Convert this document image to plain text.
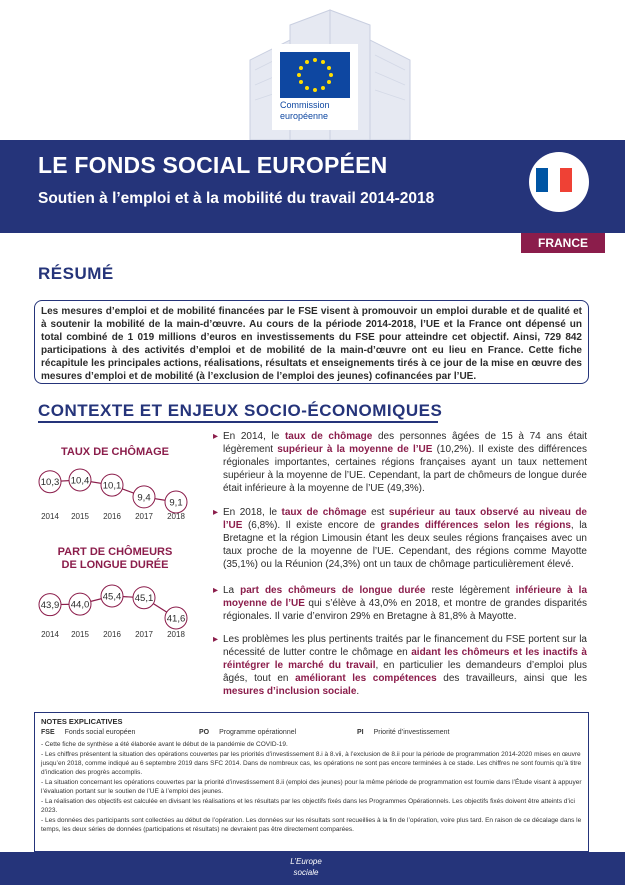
Commission
européenne
LE FONDS SOCIAL EUROPÉEN
Soutien à l’emploi et à la mobilité du travail 2014-2018
FRANCE
RÉSUMÉ
Les mesures d’emploi et de mobilité financées par le FSE visent à promouvoir un emploi durable et de qualité et à soutenir la mobilité de la main-d’œuvre. Au cours de la période 2014-2018, l’UE et la France ont dépensé un total combiné de 1 019 millions d’euros en investissements du FSE pour atteindre cet objectif. Ainsi, 729 842 participations à des activités d’emploi et de mobilité de la main-d’œuvre ont eu lieu en France. Cette fiche récapitule les principales actions, réalisations, résultats et enseignements tirés à ce jour de la mise en œuvre des mesures d’emploi et de mobilité (à l’exclusion de l’emploi des jeunes) cofinancées par l’UE.
CONTEXTE ET ENJEUX SOCIO-ÉCONOMIQUES
TAUX DE CHÔMAGE
10,3 10,4 10,1
9,4 9,1
2014	2015	2016	2017	2018
PART DE CHÔMEURS
DE LONGUE DURÉE
43,9 44,0
45,4 45,1
41,6
2014	2015	2016	2017	2018

▸ En 2014, le taux de chômage des personnes âgées de 15 à 74 ans était légèrement supérieur à la moyenne de l’UE (10,2%). Il existe des différences régionales importantes, certaines régions françaises ayant un taux nettement supérieur à la moyenne de l’UE. Cependant, la part de chômeurs de longue durée était inférieure à la moyenne de l’UE (49,3%).

▸ En 2018, le taux de chômage est supérieur au taux observé au niveau de l’UE (6,8%). Il existe encore de grandes différences selon les régions, la Bretagne et la région Limousin étant les deux seules régions françaises avec un taux proche de la moyenne de l’UE. Cependant, des régions comme Mayotte (35,1%) ou la Réunion (24,3%) ont un taux de chômage particulièrement élevé.

▸ La part des chômeurs de longue durée reste légèrement inférieure à la moyenne de l’UE qui s’élève à 43,0% en 2018, et montre de grandes disparités régionales. Il varie d’environ 29% en Bretagne à 81,8% à Mayotte.

▸ Les problèmes les plus pertinents traités par le financement du FSE portent sur la nécessité de lutter contre le chômage en aidant les chômeurs et les inactifs à réintégrer le marché du travail, en particulier les demandeurs d’emploi plus âgés, tout en améliorant les compétences des travailleurs, ainsi que les mesures d’inclusion sociale.

NOTES EXPLICATIVES
FSE Fonds social européen	PO Programme opérationnel	PI Priorité d’investissement
- Cette fiche de synthèse a été élaborée avant le début de la pandémie de COVID-19.
- Les chiffres présentent la situation des opérations couvertes par les priorités d’investissement 8.i à 8.vii, à l’exclusion de 8.ii pour la période de programmation 2014-2020 mises en œuvre jusqu’en 2018, comme indiqué au 6 septembre 2019 dans SFC 2014. Dans de nombreux cas, les opérations ne sont pas encore terminées à ce stade. Les chiffres ne sont fournis qu’à titre d’indication des progrès accomplis.
- La situation concernant les opérations couvertes par la priorité d’investissement 8.ii (emploi des jeunes) pour la même période de programmation est fournie dans l’Étude visant à appuyer l’évaluation portant sur le soutien de l’UE à l’emploi des jeunes.
- La réalisation des objectifs est calculée en divisant les réalisations et les résultats par les objectifs fixés dans les Programmes Opérationnels. Les objectifs fixés doivent être atteints d’ici 2023.
- Les données des participants sont collectées au début de l’opération. Les données sur les résultats sont recueillies à la fin de l’opération, voire plus tard. En raison de ce décalage dans le temps, les deux séries de données (participations et résultats) ne devraient pas être directement comparées.
L’Europe
sociale
